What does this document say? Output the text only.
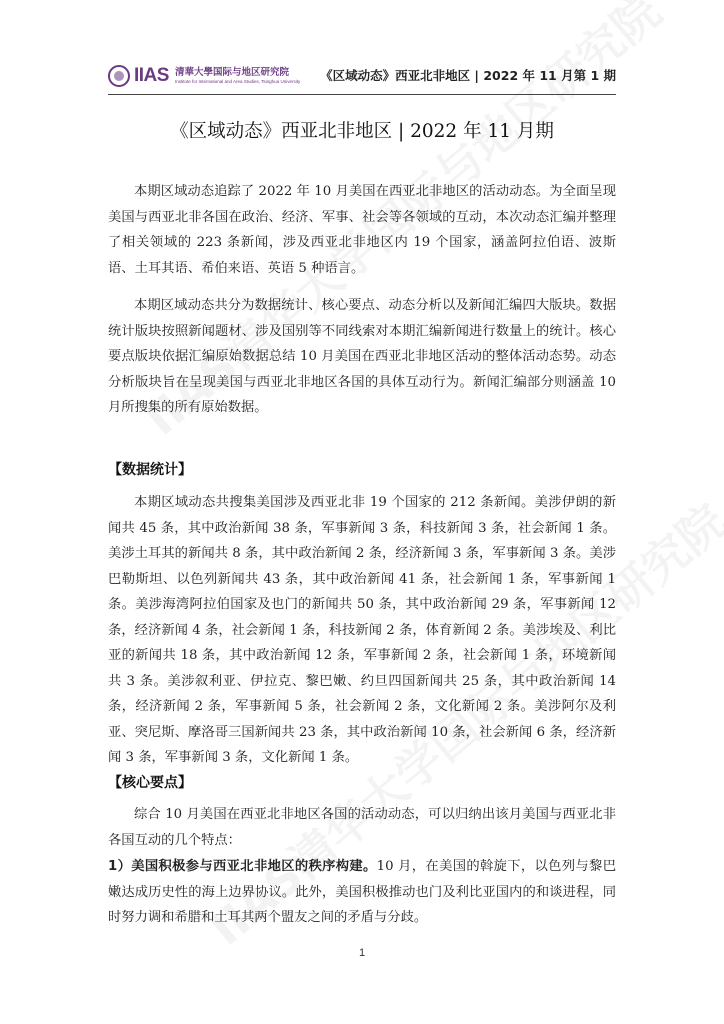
IIAS 清華大學国际与地区研究院
Institute for International and Area Studies, Tsinghua University 《区域动态》西亚北非地区 | 2022 年 11 月第 1 期
《区域动态》西亚北非地区 | 2022 年 11 月期

本期区域动态追踪了 2022 年 10 月美国在西亚北非地区的活动动态。为全面呈现美国与西亚北非各国在政治、经济、军事、社会等各领域的互动，本次动态汇编并整理了相关领域的 223 条新闻，涉及西亚北非地区内 19 个国家，涵盖阿拉伯语、波斯语、土耳其语、希伯来语、英语 5 种语言。

本期区域动态共分为数据统计、核心要点、动态分析以及新闻汇编四大版块。数据统计版块按照新闻题材、涉及国别等不同线索对本期汇编新闻进行数量上的统计。核心要点版块依据汇编原始数据总结 10 月美国在西亚北非地区活动的整体活动态势。动态分析版块旨在呈现美国与西亚北非地区各国的具体互动行为。新闻汇编部分则涵盖 10 月所搜集的所有原始数据。

【数据统计】

本期区域动态共搜集美国涉及西亚北非 19 个国家的 212 条新闻。美涉伊朗的新闻共 45 条，其中政治新闻 38 条，军事新闻 3 条，科技新闻 3 条，社会新闻 1 条。美涉土耳其的新闻共 8 条，其中政治新闻 2 条，经济新闻 3 条，军事新闻 3 条。美涉巴勒斯坦、以色列新闻共 43 条，其中政治新闻 41 条，社会新闻 1 条，军事新闻 1 条。美涉海湾阿拉伯国家及也门的新闻共 50 条，其中政治新闻 29 条，军事新闻 12 条，经济新闻 4 条，社会新闻 1 条，科技新闻 2 条，体育新闻 2 条。美涉埃及、利比亚的新闻共 18 条，其中政治新闻 12 条，军事新闻 2 条，社会新闻 1 条，环境新闻共 3 条。美涉叙利亚、伊拉克、黎巴嫩、约旦四国新闻共 25 条，其中政治新闻 14 条，经济新闻 2 条，军事新闻 5 条，社会新闻 2 条，文化新闻 2 条。美涉阿尔及利亚、突尼斯、摩洛哥三国新闻共 23 条，其中政治新闻 10 条，社会新闻 6 条，经济新闻 3 条，军事新闻 3 条，文化新闻 1 条。

【核心要点】

综合 10 月美国在西亚北非地区各国的活动动态，可以归纳出该月美国与西亚北非各国互动的几个特点：

1）美国积极参与西亚北非地区的秩序构建。10 月，在美国的斡旋下，以色列与黎巴嫩达成历史性的海上边界协议。此外，美国积极推动也门及利比亚国内的和谈进程，同时努力调和希腊和土耳其两个盟友之间的矛盾与分歧。

1
